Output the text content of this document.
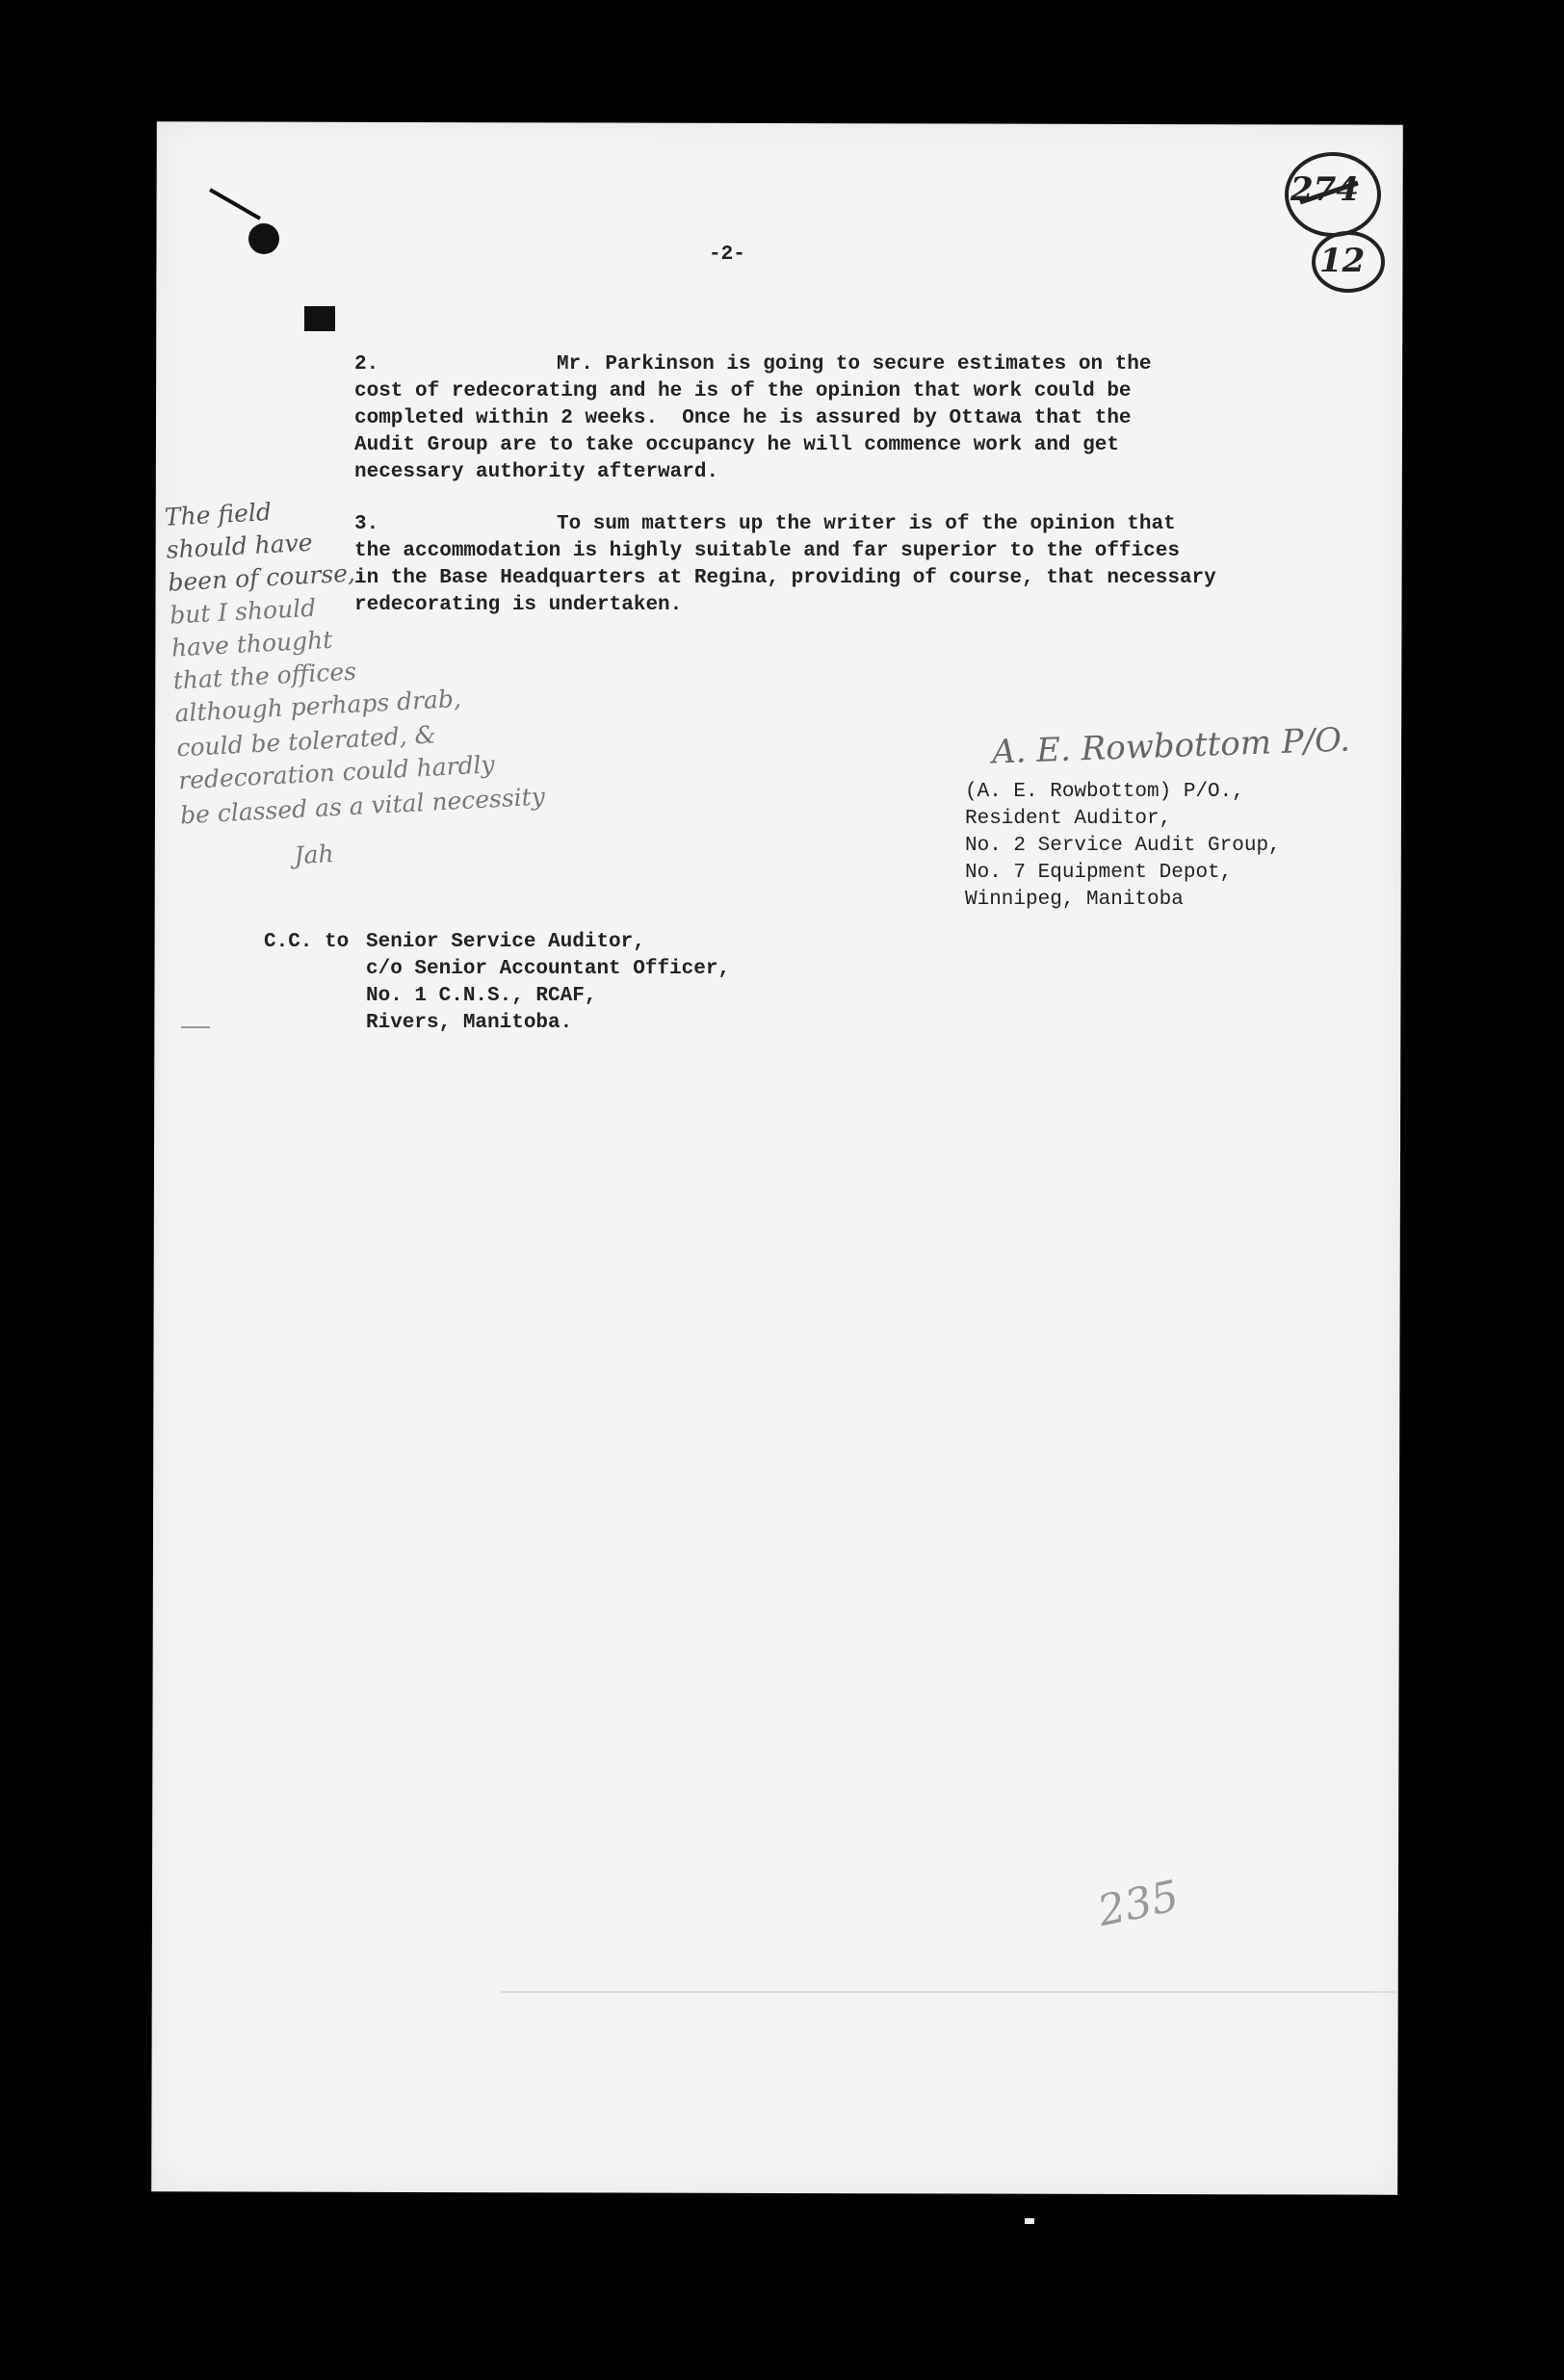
274
12
-2-
2.	Mr. Parkinson is going to secure estimates on the
cost of redecorating and he is of the opinion that work could be
completed within 2 weeks.  Once he is assured by Ottawa that the
Audit Group are to take occupancy he will commence work and get
necessary authority afterward.
3.	To sum matters up the writer is of the opinion that
the accommodation is highly suitable and far superior to the offices
in the Base Headquarters at Regina, providing of course, that necessary
redecorating is undertaken.
The field
should have
been of course,
but I should
have thought
that the offices
although perhaps drab,
could be tolerated, &
redecoration could hardly
be classed as a vital necessity
Jah
A. E. Rowbottom P/O.
(A. E. Rowbottom) P/O.,
Resident Auditor,
No. 2 Service Audit Group,
No. 7 Equipment Depot,
Winnipeg, Manitoba
C.C. to Senior Service Auditor,
c/o Senior Accountant Officer,
No. 1 C.N.S., RCAF,
Rivers, Manitoba.
235
